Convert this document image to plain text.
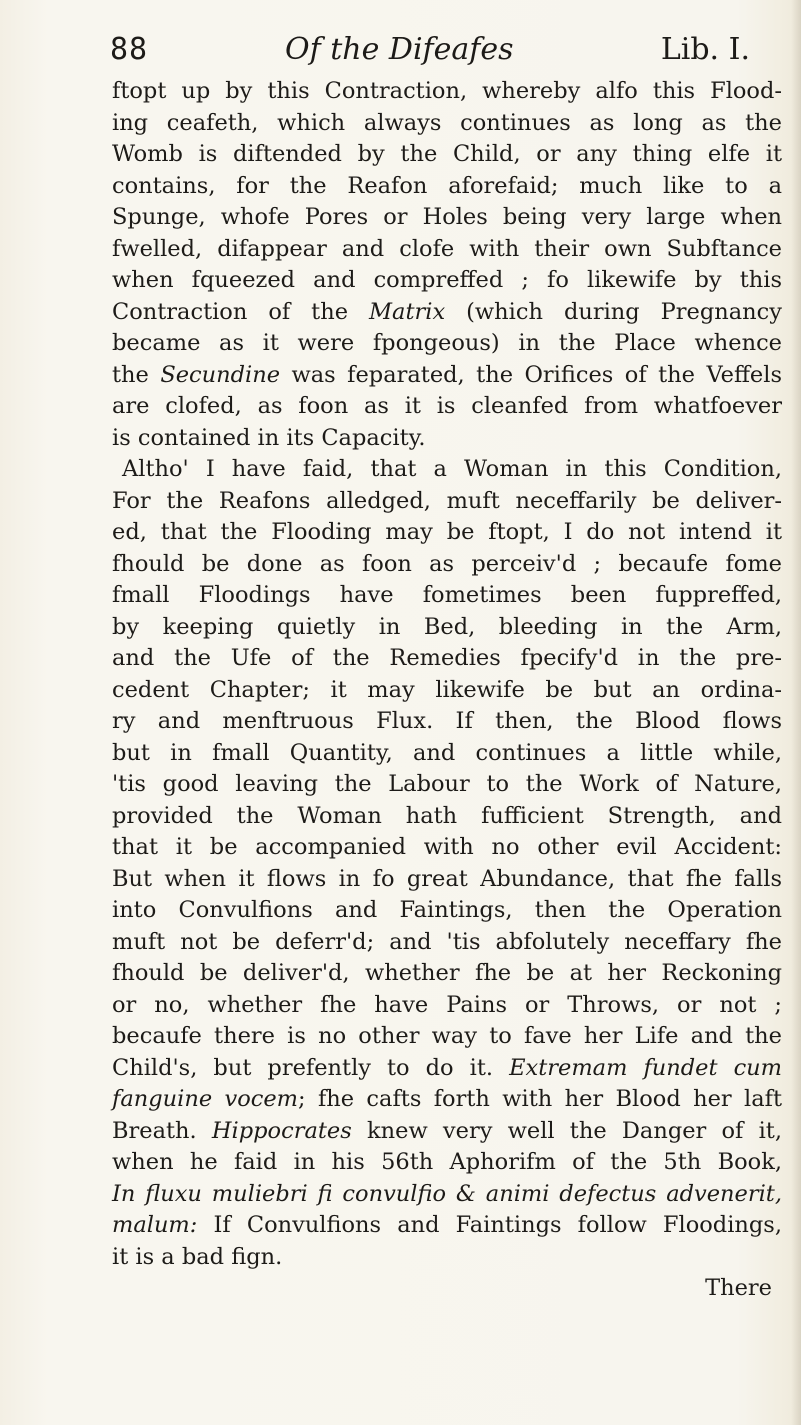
88	Of the Difeafes	Lib. I.
ftopt up by this Contraction, whereby alfo this Flood-
ing ceafeth, which always continues as long as the
Womb is diftended by the Child, or any thing elfe it
contains, for the Reafon aforefaid; much like to a
Spunge, whofe Pores or Holes being very large when
fwelled, difappear and clofe with their own Subftance
when fqueezed and compreffed ; fo likewife by this
Contraction of the Matrix (which during Pregnancy
became as it were fpongeous) in the Place whence
the Secundine was feparated, the Orifices of the Veffels
are clofed, as foon as it is cleanfed from whatfoever
is contained in its Capacity.
Altho' I have faid, that a Woman in this Condition,
For the Reafons alledged, muft neceffarily be deliver-
ed, that the Flooding may be ftopt, I do not intend it
fhould be done as foon as perceiv'd ; becaufe fome
fmall Floodings have fometimes been fuppreffed,
by keeping quietly in Bed, bleeding in the Arm,
and the Ufe of the Remedies fpecify'd in the pre-
cedent Chapter; it may likewife be but an ordina-
ry and menftruous Flux. If then, the Blood flows
but in fmall Quantity, and continues a little while,
'tis good leaving the Labour to the Work of Nature,
provided the Woman hath fufficient Strength, and
that it be accompanied with no other evil Accident:
But when it flows in fo great Abundance, that fhe falls
into Convulfions and Faintings, then the Operation
muft not be deferr'd; and 'tis abfolutely neceffary fhe
fhould be deliver'd, whether fhe be at her Reckoning
or no, whether fhe have Pains or Throws, or not ;
becaufe there is no other way to fave her Life and the
Child's, but prefently to do it. Extremam fundet cum
fanguine vocem; fhe cafts forth with her Blood her laft
Breath. Hippocrates knew very well the Danger of it,
when he faid in his 56th Aphorifm of the 5th Book,
In fluxu muliebri fi convulfio & animi defectus advenerit,
malum: If Convulfions and Faintings follow Floodings,
it is a bad fign.
There
